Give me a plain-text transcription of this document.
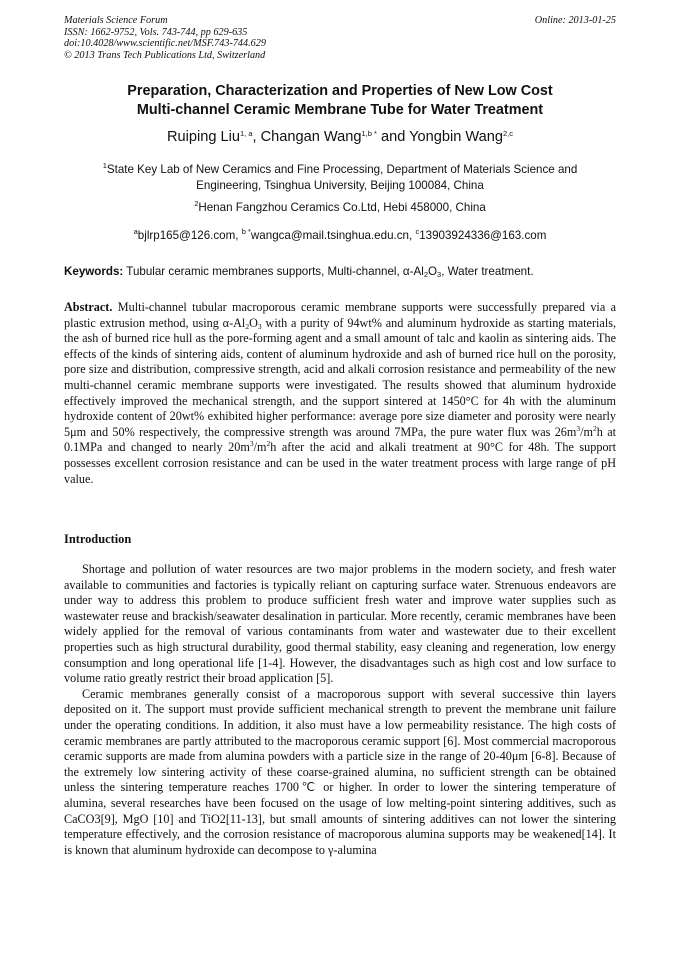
Materials Science Forum
ISSN: 1662-9752, Vols. 743-744, pp 629-635
doi:10.4028/www.scientific.net/MSF.743-744.629
© 2013 Trans Tech Publications Ltd, Switzerland
Online: 2013-01-25
Preparation, Characterization and Properties of New Low Cost
Multi-channel Ceramic Membrane Tube for Water Treatment
Ruiping Liu$^{1, a}$, Changan Wang$^{1,b *}$ and Yongbin Wang$^{2,c}$
$^1$State Key Lab of New Ceramics and Fine Processing, Department of Materials Science and
Engineering, Tsinghua University, Beijing 100084, China
$^2$Henan Fangzhou Ceramics Co.Ltd, Hebi 458000, China
$^a$bjlrp165@126.com, $^{b *}$wangca@mail.tsinghua.edu.cn, $^c$13903924336@163.com
Keywords: Tubular ceramic membranes supports, Multi-channel, $\alpha-Al_2O_3$, Water treatment.
Abstract. Multi-channel tubular macroporous ceramic membrane supports were successfully prepared via a plastic extrusion method, using $\alpha-Al_2O_3$ with a purity of 94wt% and aluminum hydroxide as starting materials, the ash of burned rice hull as the pore-forming agent and a small amount of talc and kaolin as sintering aids. The effects of the kinds of sintering aids, content of aluminum hydroxide and ash of burned rice hull on the porosity, pore size and distribution, compressive strength, acid and alkali corrosion resistance and permeability of the new multi-channel ceramic membrane supports were investigated. The results showed that aluminum hydroxide effectively improved the mechanical strength, and the support sintered at 1450°C for 4h with the aluminum hydroxide content of 20wt% exhibited higher performance: average pore size diameter and porosity were nearly 5μm and 50% respectively, the compressive strength was around 7MPa, the pure water flux was $26m^3/m^2h$ at 0.1MPa and changed to nearly $20m^3/m^2h$ after the acid and alkali treatment at 90°C for 48h. The support possesses excellent corrosion resistance and can be used in the water treatment process with large range of pH value.
Introduction

Shortage and pollution of water resources are two major problems in the modern society, and fresh water available to communities and factories is typically reliant on capturing surface water. Strenuous endeavors are under way to address this problem to produce sufficient fresh water and improve water supplies such as wastewater reuse and brackish/seawater desalination in particular. More recently, ceramic membranes have been widely applied for the removal of various contaminants from water and wastewater due to their excellent properties such as high structural durability, good thermal stability, easy cleaning and regeneration, low energy consumption and long operational life [1-4]. However, the disadvantages such as high cost and low surface to volume ratio greatly restrict their broad application [5].

Ceramic membranes generally consist of a macroporous support with several successive thin layers deposited on it. The support must provide sufficient mechanical strength to prevent the membrane unit failure under the operating conditions. In addition, it also must have a low permeability resistance. The high costs of ceramic membranes are partly attributed to the macroporous ceramic support [6]. Most commercial macroporous ceramic supports are made from alumina powders with a particle size in the range of 20-40μm [6-8]. Because of the extremely low sintering activity of these coarse-grained alumina, no sufficient strength can be obtained unless the sintering temperature reaches 1700℃ or higher. In order to lower the sintering temperature of alumina, several researches have been focused on the usage of low melting-point sintering additives, such as CaCO3[9], MgO [10] and TiO2[11-13], but small amounts of sintering additives can not lower the sintering temperature effectively, and the corrosion resistance of macroporous alumina supports may be weakened[14]. It is known that aluminum hydroxide can decompose to γ-alumina
